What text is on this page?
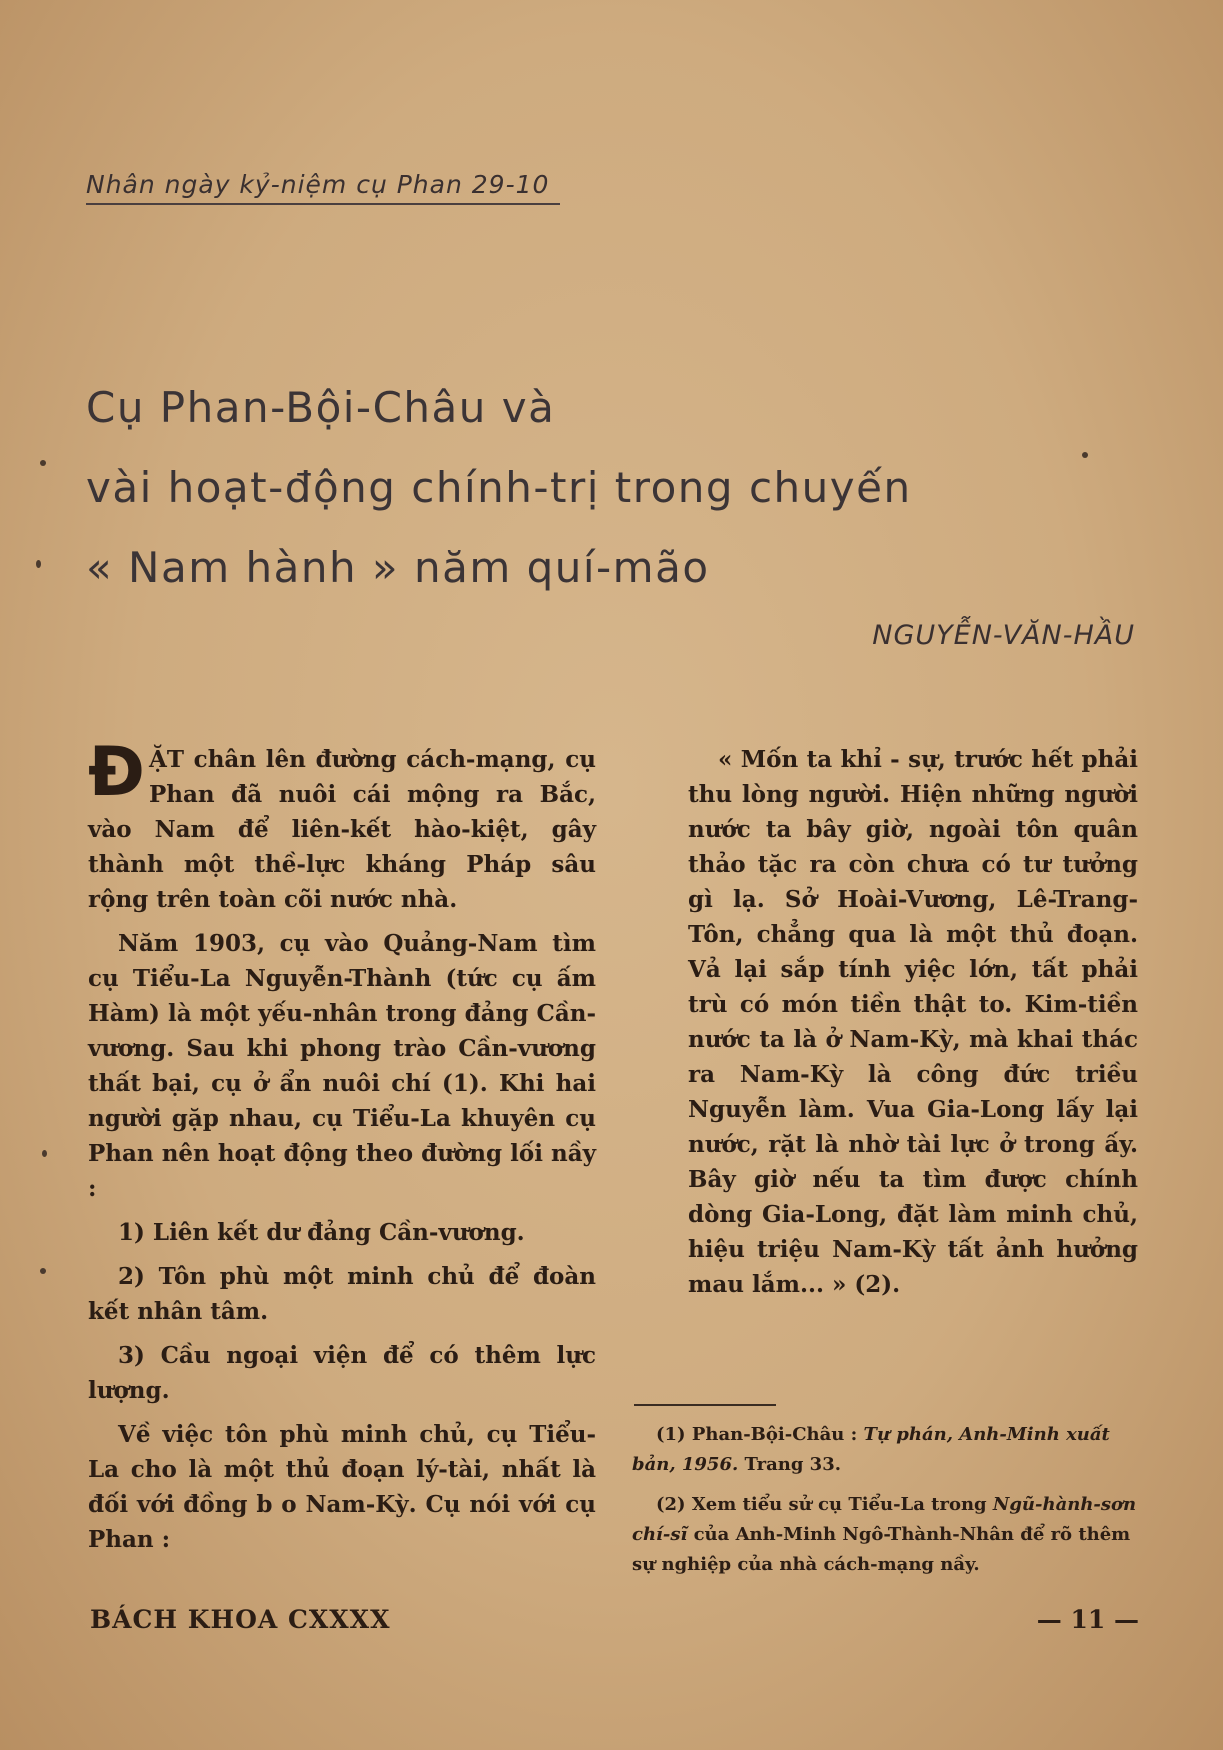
Nhân ngày kỷ-niệm cụ Phan 29-10
Cụ Phan-Bội-Châu và
vài hoạt-động chính-trị trong chuyến
« Nam hành » năm quí-mão
NGUYỄN-VĂN-HẦU

ĐẶT chân lên đường cách-mạng, cụ Phan đã nuôi cái mộng ra Bắc, vào Nam để liên-kết hào-kiệt, gây thành một thề-lực kháng Pháp sâu rộng trên toàn cõi nước nhà.

Năm 1903, cụ vào Quảng-Nam tìm cụ Tiểu-La Nguyễn-Thành (tức cụ ấm Hàm) là một yếu-nhân trong đảng Cần-vương. Sau khi phong trào Cần-vương thất bại, cụ ở ẩn nuôi chí (1). Khi hai người gặp nhau, cụ Tiểu-La khuyên cụ Phan nên hoạt động theo đường lối nầy :

1) Liên kết dư đảng Cần-vương.

2) Tôn phù một minh chủ để đoàn kết nhân tâm.

3) Cầu ngoại viện để có thêm lực lượng.

Về việc tôn phù minh chủ, cụ Tiểu-La cho là một thủ đoạn lý-tài, nhất là đối với đồng b o Nam-Kỳ. Cụ nói với cụ Phan :

« Mốn ta khỉ - sự, trước hết phải thu lòng người. Hiện những người nước ta bây giờ, ngoài tôn quân thảo tặc ra còn chưa có tư tưởng gì lạ. Sở Hoài-Vương, Lê-Trang-Tôn, chẳng qua là một thủ đoạn. Vả lại sắp tính yiệc lớn, tất phải trù có món tiền thật to. Kim-tiền nước ta là ở Nam-Kỳ, mà khai thác ra Nam-Kỳ là công đức triều Nguyễn làm. Vua Gia-Long lấy lại nước, rặt là nhờ tài lực ở trong ấy. Bây giờ nếu ta tìm được chính dòng Gia-Long, đặt làm minh chủ, hiệu triệu Nam-Kỳ tất ảnh hưởng mau lắm... » (2).

(1) Phan-Bội-Châu : Tự phán, Anh-Minh xuất bản, 1956. Trang 33.

(2) Xem tiểu sử cụ Tiểu-La trong Ngũ-hành-sơn chí-sĩ của Anh-Minh Ngô-Thành-Nhân để rõ thêm sự nghiệp của nhà cách-mạng nầy.

BÁCH KHOA CXXXX	— 11 —
